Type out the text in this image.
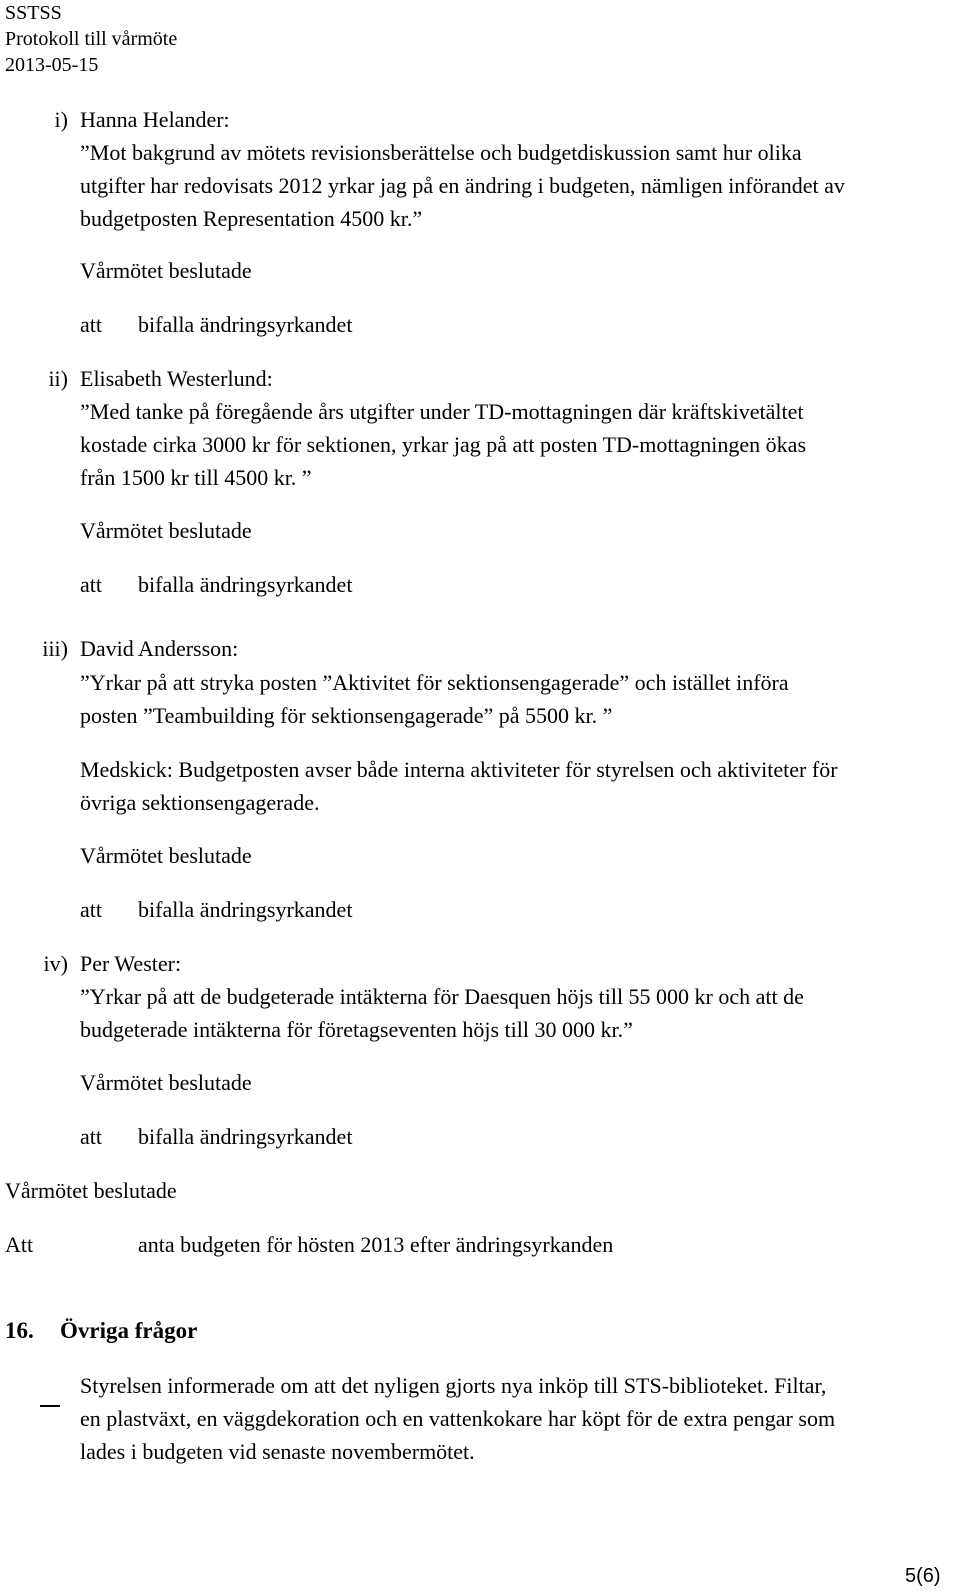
SSTSS
Protokoll till vårmöte
2013-05-15
i) Hanna Helander:
”Mot bakgrund av mötets revisionsberättelse och budgetdiskussion samt hur olika
utgifter har redovisats 2012 yrkar jag på en ändring i budgeten, nämligen införandet av
budgetposten Representation 4500 kr.”
Vårmötet beslutade
att bifalla ändringsyrkandet
ii) Elisabeth Westerlund:
”Med tanke på föregående års utgifter under TD-mottagningen där kräftskivetältet
kostade cirka 3000 kr för sektionen, yrkar jag på att posten TD-mottagningen ökas
från 1500 kr till 4500 kr. ”
Vårmötet beslutade
att bifalla ändringsyrkandet
iii) David Andersson:
”Yrkar på att stryka posten ”Aktivitet för sektionsengagerade” och istället införa
posten ”Teambuilding för sektionsengagerade” på 5500 kr. ”
Medskick: Budgetposten avser både interna aktiviteter för styrelsen och aktiviteter för
övriga sektionsengagerade.
Vårmötet beslutade
att bifalla ändringsyrkandet
iv) Per Wester:
”Yrkar på att de budgeterade intäkterna för Daesquen höjs till 55 000 kr och att de
budgeterade intäkterna för företagseventen höjs till 30 000 kr.”
Vårmötet beslutade
att bifalla ändringsyrkandet
Vårmötet beslutade
Att	anta budgeten för hösten 2013 efter ändringsyrkanden
16. Övriga frågor
Styrelsen informerade om att det nyligen gjorts nya inköp till STS-biblioteket. Filtar,
en plastväxt, en väggdekoration och en vattenkokare har köpt för de extra pengar som
lades i budgeten vid senaste novembermötet.
5(6)
